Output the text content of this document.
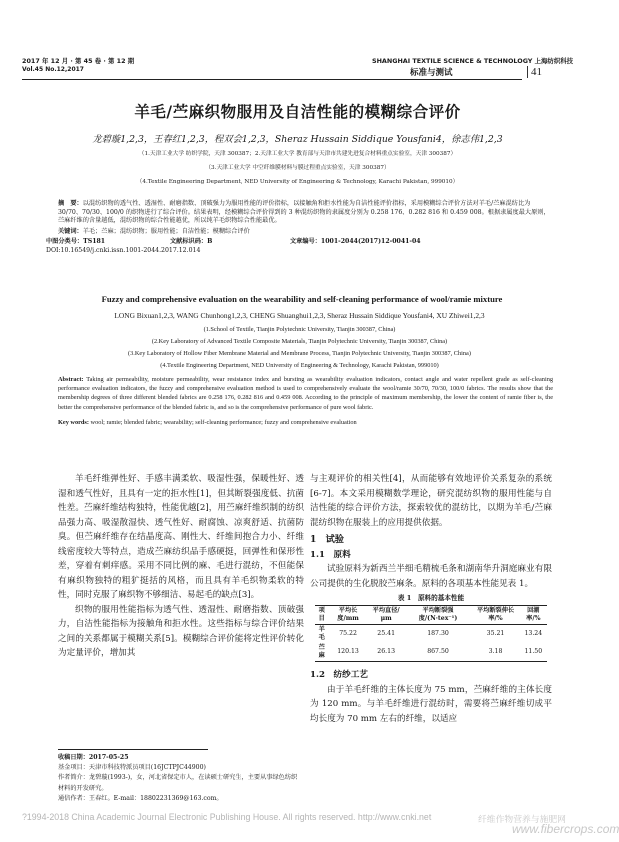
2017 年 12 月 · 第 45 卷 · 第 12 期	SHANGHAI TEXTILE SCIENCE & TECHNOLOGY 上海纺织科技
Vol.45 No.12,2017	标准与测试	41
羊毛/苎麻织物服用及自洁性能的模糊综合评价
龙碧璇1,2,3，王春红1,2,3，程双会1,2,3，Sheraz Hussain Siddique Yousfani4，徐志伟1,2,3
（1.天津工业大学 纺织学院，天津 300387；2.天津工业大学 教育部与天津市共建先进复合材料重点实验室，天津 300387）
（3.天津工业大学 中空纤维膜材料与膜过程重点实验室，天津 300387）
（4.Textile Engineering Department, NED University of Engineering & Technology, Karachi Pakistan, 999010）
摘　要：以混纺织物的透气性、透湿性、耐磨指数、顶破强力为服用性能的评价指标，以接触角和拒水性能为自洁性能评价指标，采用模糊综合评价方法对羊毛/苎麻混纺比为 30/70、70/30、100/0 的织物进行了综合评价。结果表明，经模糊综合评价得到的 3 种混纺织物的隶属度分别为 0.258 176、0.282 816 和 0.459 008。根据隶属度最大原则，苎麻纤维的含量越低，混纺织物的综合性能越优，所以纯羊毛织物综合性能最优。
关键词：羊毛；苎麻；混纺织物；服用性能；自洁性能；模糊综合评价
中图分类号：TS181	文献标识码：B	文章编号：1001-2044(2017)12-0041-04
DOI:10.16549/j.cnki.issn.1001-2044.2017.12.014
Fuzzy and comprehensive evaluation on the wearability and self-cleaning performance of wool/ramie mixture
LONG Bixuan1,2,3, WANG Chunhong1,2,3, CHENG Shuanghui1,2,3, Sheraz Hussain Siddique Yousfani4, XU Zhiwei1,2,3
(1.School of Textile, Tianjin Polytechnic University, Tianjin 300387, China)
(2.Key Laboratory of Advanced Textile Composite Materials, Tianjin Polytechnic University, Tianjin 300387, China)
(3.Key Laboratory of Hollow Fiber Membrane Material and Membrane Process, Tianjin Polytechnic University, Tianjin 300387, China)
(4.Textile Engineering Department, NED University of Engineering & Technology, Karachi Pakistan, 999010)
Abstract: Taking air permeability, moisture permeability, wear resistance index and bursting as wearability evaluation indicators, contact angle and water repellent grade as self-cleaning performance evaluation indicators, the fuzzy and comprehensive evaluation method is used to comprehensively evaluate the wool/ramie 30/70, 70/30, 100/0 fabrics. The results show that the membership degrees of three different blended fabrics are 0.258 176, 0.282 816 and 0.459 008. According to the principle of maximum membership, the lower the content of ramie fiber is, the better the comprehensive performance of the blended fabric is, and so is the comprehensive performance of pure wool fabric.
Key words: wool; ramie; blended fabric; wearability; self-cleaning performance; fuzzy and comprehensive evaluation

羊毛纤维弹性好、手感丰满柔软、吸湿性强，保暖性好、透湿和透气性好，且具有一定的拒水性[1]，但其断裂强度低、抗菌性差。苎麻纤维结构独特，性能优越[2]，用苎麻纤维织制的纺织品强力高、吸湿散湿快、透气性好、耐腐蚀、凉爽舒适、抗菌防臭。但苎麻纤维存在结晶度高、刚性大、纤维间抱合力小、纤维线密度较大等特点，造成苎麻纺织品手感硬挺，回弹性和保形性差，穿着有刺痒感。采用不同比例的麻、毛进行混纺，不但能保有麻织物独特的粗犷挺括的风格，而且具有羊毛织物柔软的特性，同时克服了麻织物不够细洁、易起毛的缺点[3]。

织物的服用性能指标为透气性、透湿性、耐磨指数、顶破强力，自洁性能指标为接触角和拒水性。这些指标与综合评价结果之间的关系都属于模糊关系[5]。模糊综合评价能将定性评价转化为定量评价，增加其

与主观评价的相关性[4]，从而能够有效地评价关系复杂的系统[6-7]。本文采用模糊数学理论，研究混纺织物的服用性能与自洁性能的综合评价方法，探索较优的混纺比，以期为羊毛/苎麻混纺织物在服装上的应用提供依据。

1　试验
1.1　原料

试验原料为新西兰半细毛精梳毛条和湖南华升洞庭麻业有限公司提供的生化脱胶苎麻条。原料的各项基本性能见表 1。

表 1　原料的基本性能
项目	平均长度/mm	平均直径/μm	平均断裂强度/(N·tex⁻¹)	平均断裂伸长率/%	回潮率/%
羊毛	75.22	25.41	187.30	35.21	13.24
苎麻	120.13	26.13	867.50	3.18	11.50
1.2　纺纱工艺

由于羊毛纤维的主体长度为 75 mm，苎麻纤维的主体长度为 120 mm。与羊毛纤维进行混纺时，需要将苎麻纤维切成平均长度为 70 mm 左右的纤维，以适应

收稿日期：2017-05-25
基金项目：天津市科技特派员项目(16JCTPJC44900)
作者简介：龙碧璇(1993-)，女，河北省保定市人，在读硕士研究生，主要从事绿色纺织材料的开发研究。
通信作者：王春红。E-mail：18802231369@163.com。
?1994-2018 China Academic Journal Electronic Publishing House. All rights reserved. http://www.cnki.net	纤维作物营养与施肥网
www.fibercrops.com
